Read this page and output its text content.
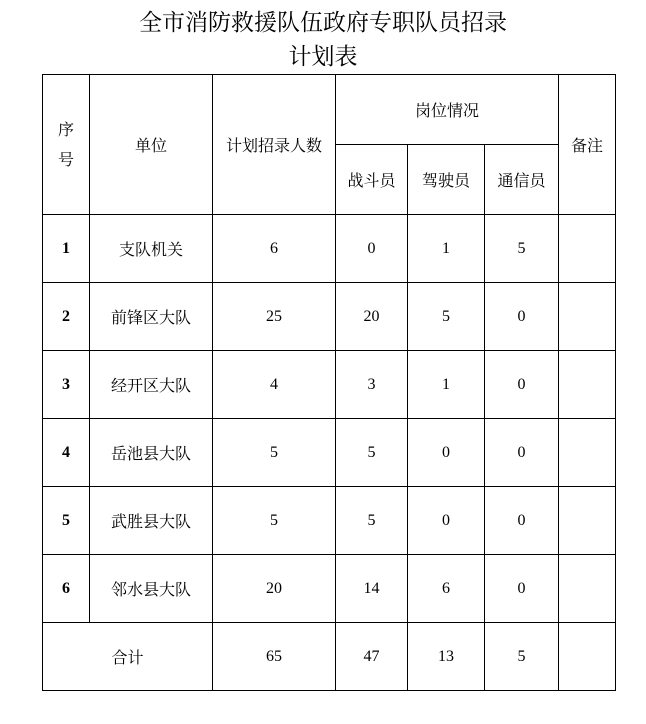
全市消防救援队伍政府专职队员招录
计划表
序
号	单位	计划招录人数	岗位情况			备注
			战斗员	驾驶员	通信员	
1	支队机关	6	0	1	5	
2	前锋区大队	25	20	5	0	
3	经开区大队	4	3	1	0	
4	岳池县大队	5	5	0	0	
5	武胜县大队	5	5	0	0	
6	邻水县大队	20	14	6	0	
合计		65	47	13	5	
